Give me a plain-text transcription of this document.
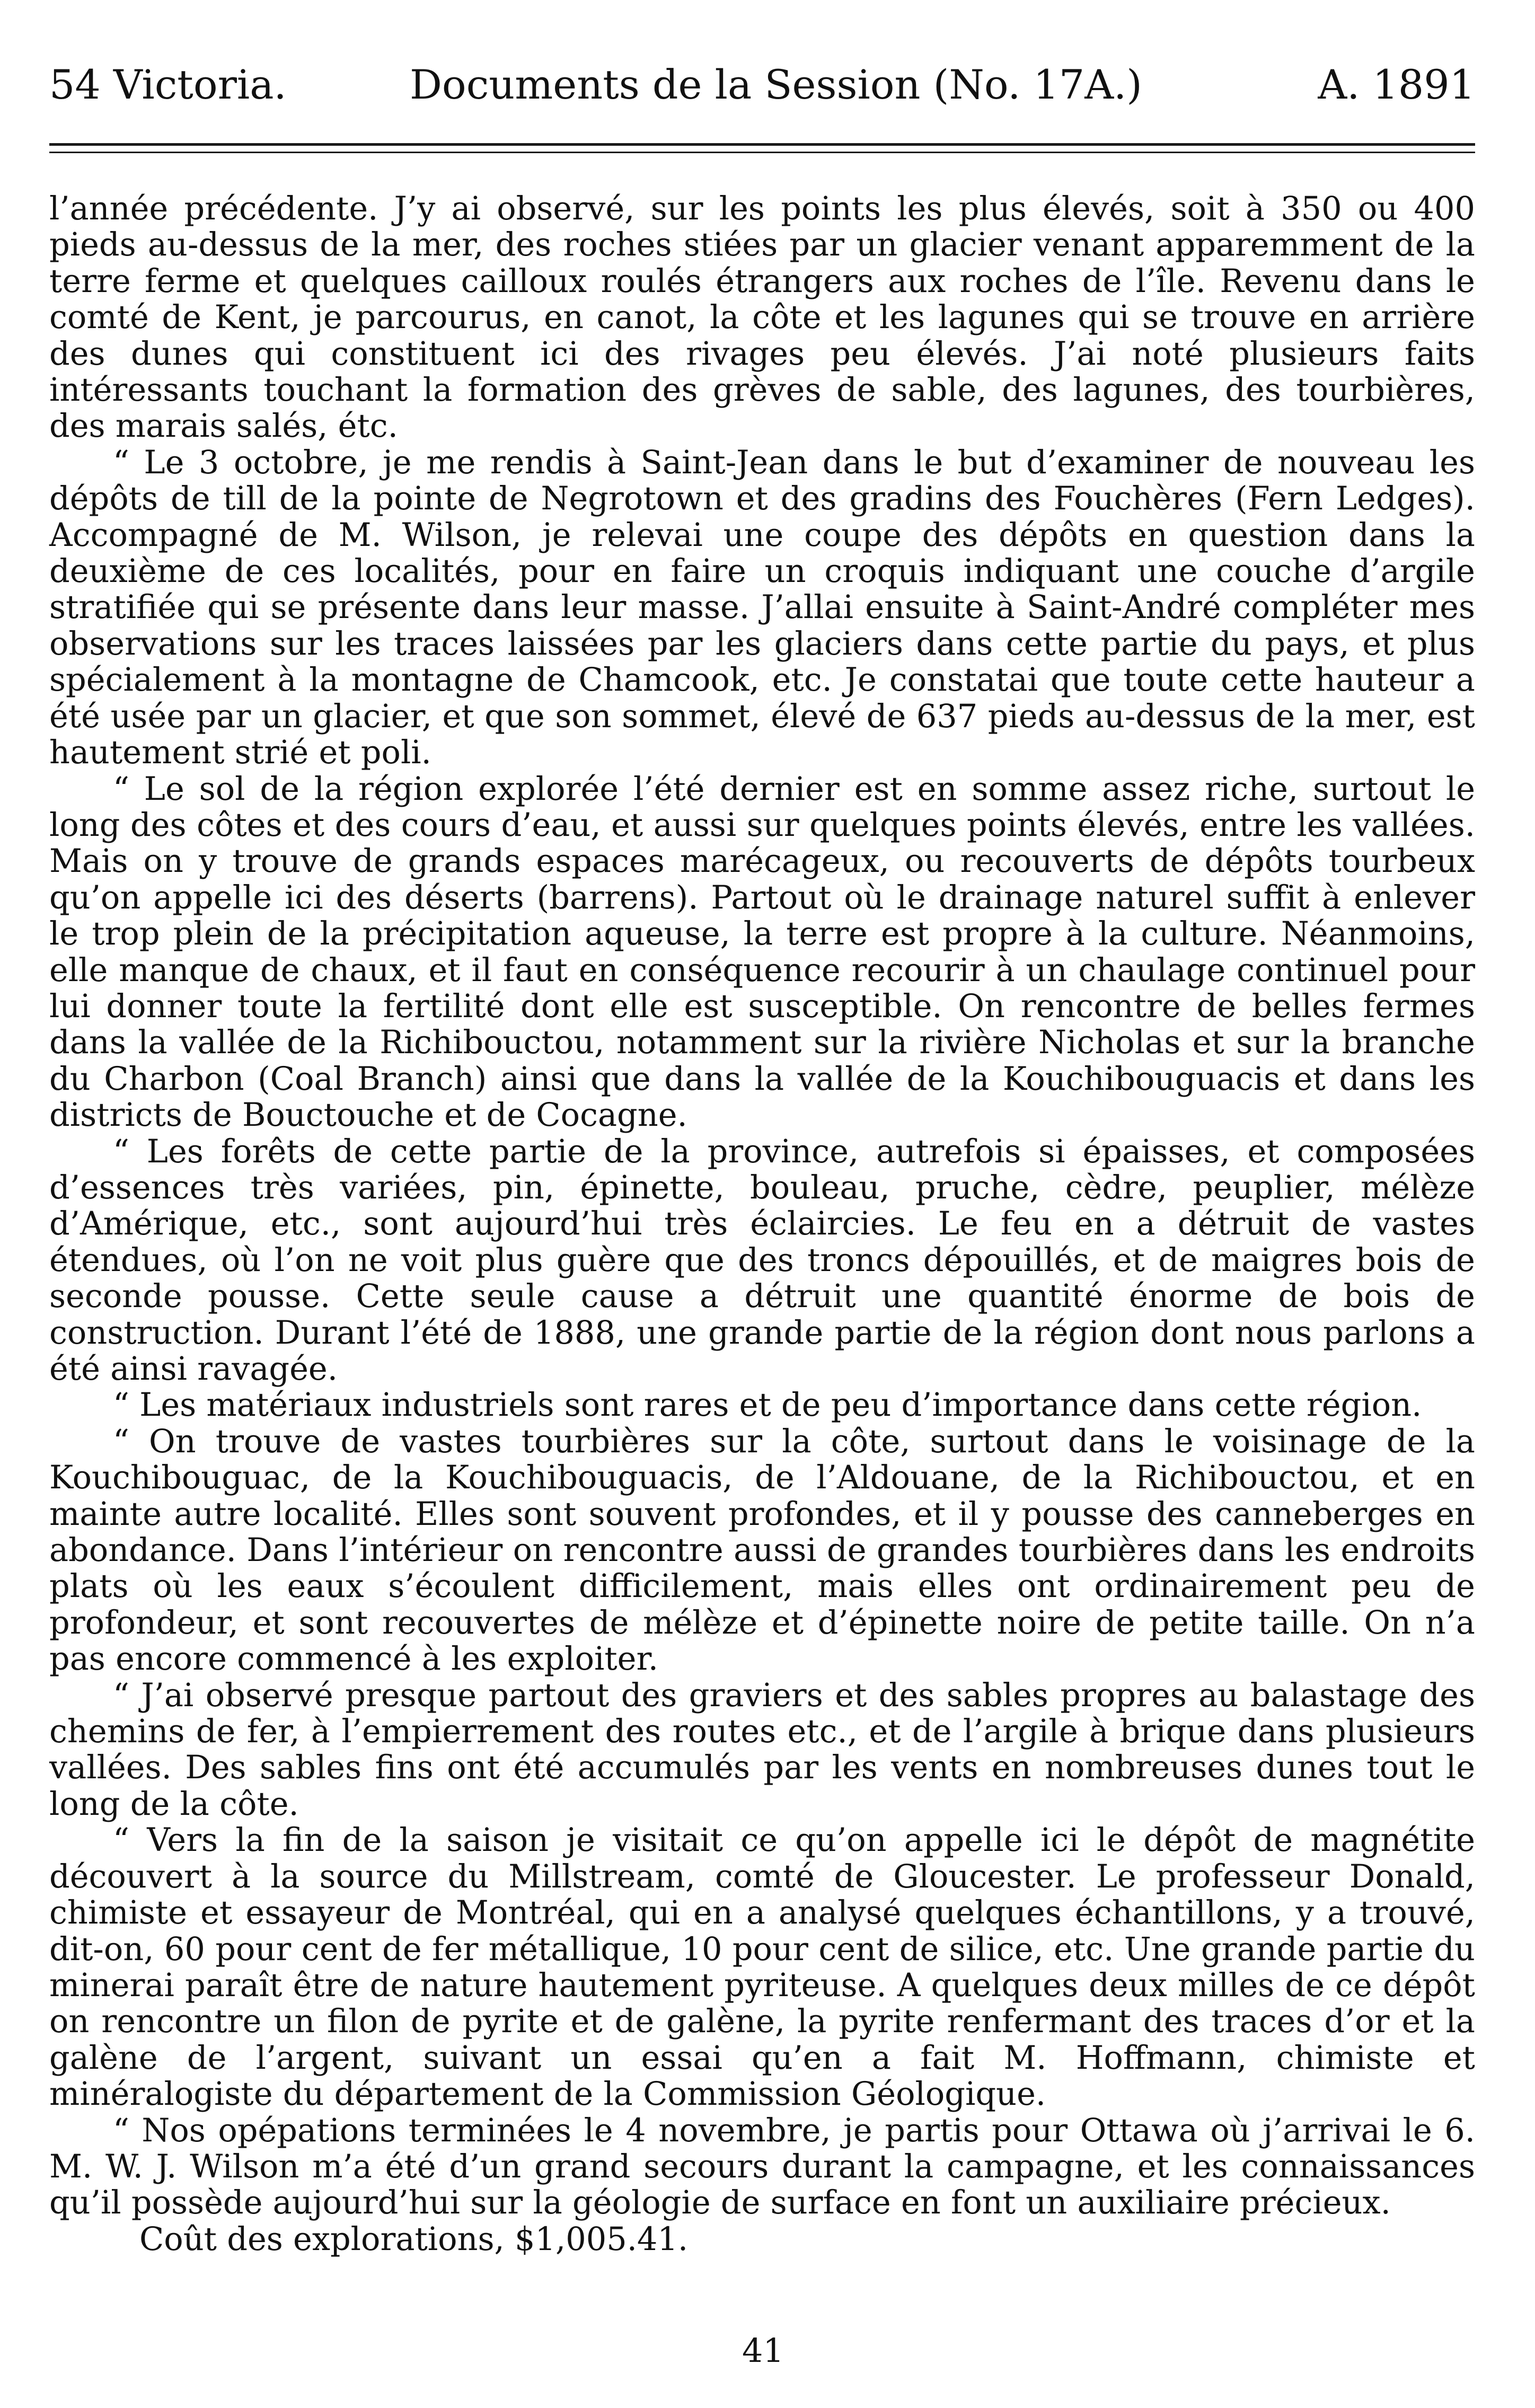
54 Victoria.	Documents de la Session (No. 17A.)	A. 1891

l’année précédente. J’y ai observé, sur les points les plus élevés, soit à 350 ou 400 pieds au-dessus de la mer, des roches stiées par un glacier venant apparemment de la terre ferme et quelques cailloux roulés étrangers aux roches de l’île. Revenu dans le comté de Kent, je parcourus, en canot, la côte et les lagunes qui se trouve en arrière des dunes qui constituent ici des rivages peu élevés. J’ai noté plusieurs faits intéressants touchant la formation des grèves de sable, des lagunes, des tourbières, des marais salés, étc.

“ Le 3 octobre, je me rendis à Saint-Jean dans le but d’examiner de nouveau les dépôts de till de la pointe de Negrotown et des gradins des Fouchères (Fern Ledges). Accompagné de M. Wilson, je relevai une coupe des dépôts en question dans la deuxième de ces localités, pour en faire un croquis indiquant une couche d’argile stratifiée qui se présente dans leur masse. J’allai ensuite à Saint-André compléter mes observations sur les traces laissées par les glaciers dans cette partie du pays, et plus spécialement à la montagne de Chamcook, etc. Je constatai que toute cette hauteur a été usée par un glacier, et que son sommet, élevé de 637 pieds au-dessus de la mer, est hautement strié et poli.

“ Le sol de la région explorée l’été dernier est en somme assez riche, surtout le long des côtes et des cours d’eau, et aussi sur quelques points élevés, entre les vallées. Mais on y trouve de grands espaces marécageux, ou recouverts de dépôts tourbeux qu’on appelle ici des déserts (barrens). Partout où le drainage naturel suffit à enlever le trop plein de la précipitation aqueuse, la terre est propre à la culture. Néanmoins, elle manque de chaux, et il faut en conséquence recourir à un chaulage continuel pour lui donner toute la fertilité dont elle est susceptible. On rencontre de belles fermes dans la vallée de la Richibouctou, notamment sur la rivière Nicholas et sur la branche du Charbon (Coal Branch) ainsi que dans la vallée de la Kouchibouguacis et dans les districts de Bouctouche et de Cocagne.

“ Les forêts de cette partie de la province, autrefois si épaisses, et composées d’essences très variées, pin, épinette, bouleau, pruche, cèdre, peuplier, mélèze d’Amérique, etc., sont aujourd’hui très éclaircies. Le feu en a détruit de vastes étendues, où l’on ne voit plus guère que des troncs dépouillés, et de maigres bois de seconde pousse. Cette seule cause a détruit une quantité énorme de bois de construction. Durant l’été de 1888, une grande partie de la région dont nous parlons a été ainsi ravagée.

“ Les matériaux industriels sont rares et de peu d’importance dans cette région.

“ On trouve de vastes tourbières sur la côte, surtout dans le voisinage de la Kouchibouguac, de la Kouchibouguacis, de l’Aldouane, de la Richibouctou, et en mainte autre localité. Elles sont souvent profondes, et il y pousse des canneberges en abondance. Dans l’intérieur on rencontre aussi de grandes tourbières dans les endroits plats où les eaux s’écoulent difficilement, mais elles ont ordinairement peu de profondeur, et sont recouvertes de mélèze et d’épinette noire de petite taille. On n’a pas encore commencé à les exploiter.

“ J’ai observé presque partout des graviers et des sables propres au balastage des chemins de fer, à l’empierrement des routes etc., et de l’argile à brique dans plusieurs vallées. Des sables fins ont été accumulés par les vents en nombreuses dunes tout le long de la côte.

“ Vers la fin de la saison je visitait ce qu’on appelle ici le dépôt de magnétite découvert à la source du Millstream, comté de Gloucester. Le professeur Donald, chimiste et essayeur de Montréal, qui en a analysé quelques échantillons, y a trouvé, dit-on, 60 pour cent de fer métallique, 10 pour cent de silice, etc. Une grande partie du minerai paraît être de nature hautement pyriteuse. A quelques deux milles de ce dépôt on rencontre un filon de pyrite et de galène, la pyrite renfermant des traces d’or et la galène de l’argent, suivant un essai qu’en a fait M. Hoffmann, chimiste et minéralogiste du département de la Commission Géologique.

“ Nos opépations terminées le 4 novembre, je partis pour Ottawa où j’arrivai le 6. M. W. J. Wilson m’a été d’un grand secours durant la campagne, et les connaissances qu’il possède aujourd’hui sur la géologie de surface en font un auxiliaire précieux.

Coût des explorations, $1,005.41.

41
